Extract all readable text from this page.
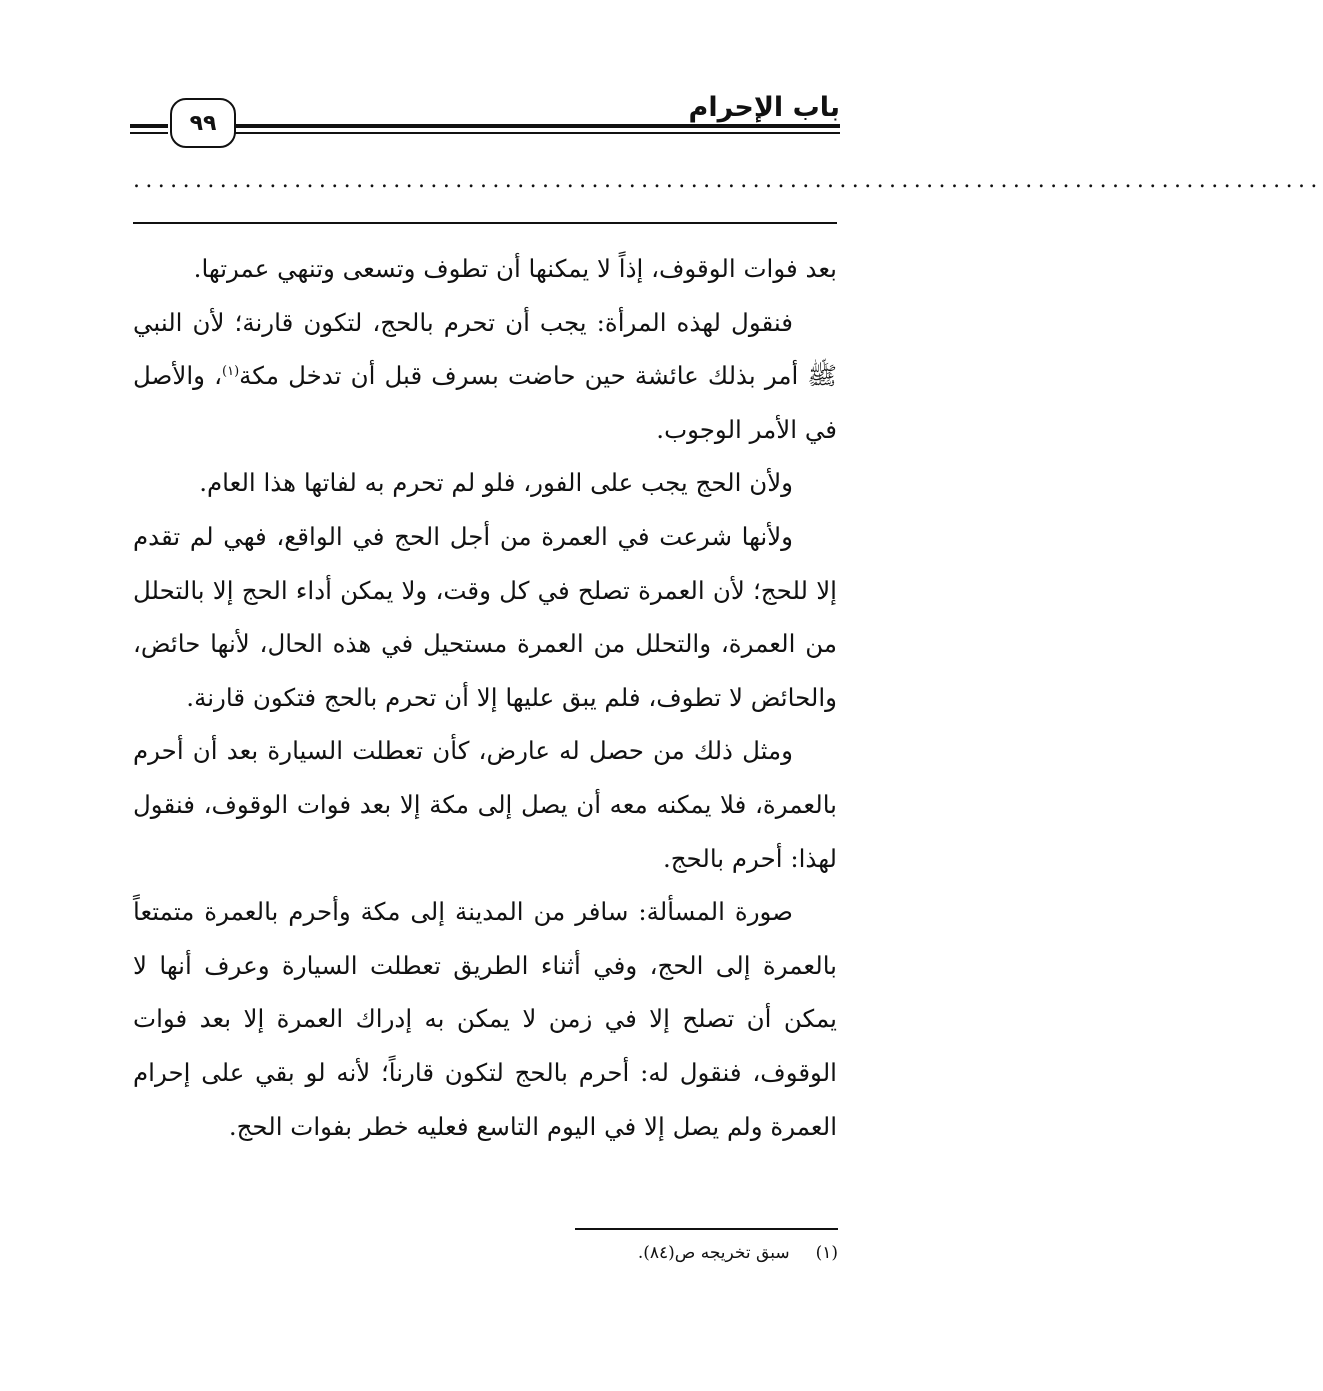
باب الإحرام
٩٩
................................................................................................

بعد فوات الوقوف، إذاً لا يمكنها أن تطوف وتسعى وتنهي عمرتها.

فنقول لهذه المرأة: يجب أن تحرم بالحج، لتكون قارنة؛ لأن النبي ﷺ أمر بذلك عائشة حين حاضت بسرف قبل أن تدخل مكة$^{(١)}$، والأصل في الأمر الوجوب.

ولأن الحج يجب على الفور، فلو لم تحرم به لفاتها هذا العام.

ولأنها شرعت في العمرة من أجل الحج في الواقع، فهي لم تقدم إلا للحج؛ لأن العمرة تصلح في كل وقت، ولا يمكن أداء الحج إلا بالتحلل من العمرة، والتحلل من العمرة مستحيل في هذه الحال، لأنها حائض، والحائض لا تطوف، فلم يبق عليها إلا أن تحرم بالحج فتكون قارنة.

ومثل ذلك من حصل له عارض، كأن تعطلت السيارة بعد أن أحرم بالعمرة، فلا يمكنه معه أن يصل إلى مكة إلا بعد فوات الوقوف، فنقول لهذا: أحرم بالحج.

صورة المسألة: سافر من المدينة إلى مكة وأحرم بالعمرة متمتعاً بالعمرة إلى الحج، وفي أثناء الطريق تعطلت السيارة وعرف أنها لا يمكن أن تصلح إلا في زمن لا يمكن به إدراك العمرة إلا بعد فوات الوقوف، فنقول له: أحرم بالحج لتكون قارناً؛ لأنه لو بقي على إحرام العمرة ولم يصل إلا في اليوم التاسع فعليه خطر بفوات الحج.

(١)سبق تخريجه ص(٨٤).
